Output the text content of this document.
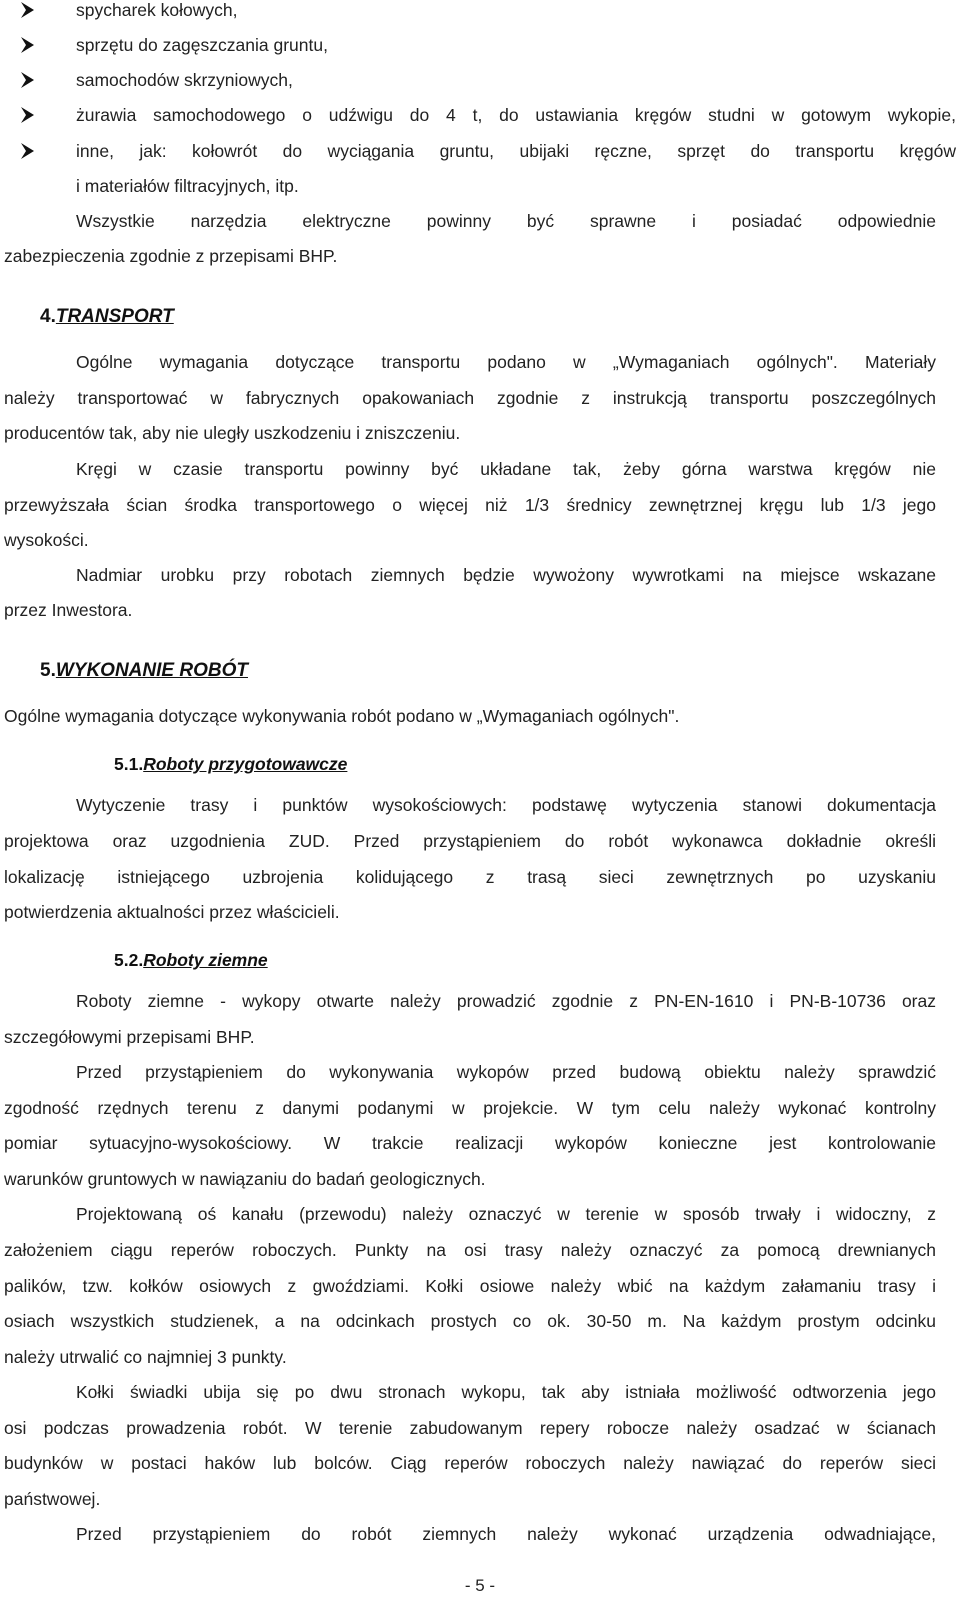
spycharek kołowych,
sprzętu do zagęszczania gruntu,
samochodów skrzyniowych,
żurawia samochodowego o udźwigu do 4 t, do ustawiania kręgów studni w gotowym wykopie,
inne, jak: kołowrót do wyciągania gruntu, ubijaki ręczne, sprzęt do transportu kręgów
i materiałów filtracyjnych, itp.
Wszystkie narzędzia elektryczne powinny być sprawne i posiadać odpowiednie
zabezpieczenia zgodnie z przepisami BHP.
4.TRANSPORT
Ogólne wymagania dotyczące transportu podano w „Wymaganiach ogólnych". Materiały
należy transportować w fabrycznych opakowaniach zgodnie z instrukcją transportu poszczególnych
producentów tak, aby nie uległy uszkodzeniu i zniszczeniu.
Kręgi w czasie transportu powinny być układane tak, żeby górna warstwa kręgów nie
przewyższała ścian środka transportowego o więcej niż 1/3 średnicy zewnętrznej kręgu lub 1/3 jego
wysokości.
Nadmiar urobku przy robotach ziemnych będzie wywożony wywrotkami na miejsce wskazane
przez Inwestora.
5.WYKONANIE ROBÓT
Ogólne wymagania dotyczące wykonywania robót podano w „Wymaganiach ogólnych".
5.1.Roboty przygotowawcze
Wytyczenie trasy i punktów wysokościowych: podstawę wytyczenia stanowi dokumentacja
projektowa oraz uzgodnienia ZUD. Przed przystąpieniem do robót wykonawca dokładnie określi
lokalizację istniejącego uzbrojenia kolidującego z trasą sieci zewnętrznych po uzyskaniu
potwierdzenia aktualności przez właścicieli.
5.2.Roboty ziemne
Roboty ziemne - wykopy otwarte należy prowadzić zgodnie z PN-EN-1610 i PN-B-10736 oraz
szczegółowymi przepisami BHP.
Przed przystąpieniem do wykonywania wykopów przed budową obiektu należy sprawdzić
zgodność rzędnych terenu z danymi podanymi w projekcie. W tym celu należy wykonać kontrolny
pomiar sytuacyjno-wysokościowy. W trakcie realizacji wykopów konieczne jest kontrolowanie
warunków gruntowych w nawiązaniu do badań geologicznych.
Projektowaną oś kanału (przewodu) należy oznaczyć w terenie w sposób trwały i widoczny, z
założeniem ciągu reperów roboczych. Punkty na osi trasy należy oznaczyć za pomocą drewnianych
palików, tzw. kołków osiowych z gwoździami. Kołki osiowe należy wbić na każdym załamaniu trasy i
osiach wszystkich studzienek, a na odcinkach prostych co ok. 30-50 m. Na każdym prostym odcinku
należy utrwalić co najmniej 3 punkty.
Kołki świadki ubija się po dwu stronach wykopu, tak aby istniała możliwość odtworzenia jego
osi podczas prowadzenia robót. W terenie zabudowanym repery robocze należy osadzać w ścianach
budynków w postaci haków lub bolców. Ciąg reperów roboczych należy nawiązać do reperów sieci
państwowej.
Przed przystąpieniem do robót ziemnych należy wykonać urządzenia odwadniające,
- 5 -
